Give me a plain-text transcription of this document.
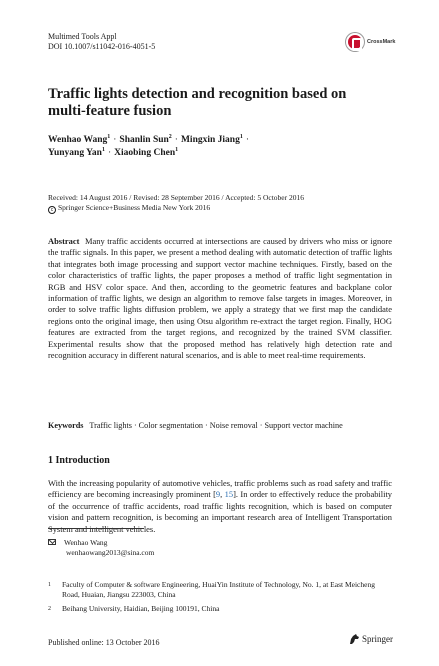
Multimed Tools Appl
DOI 10.1007/s11042-016-4051-5	CrossMark
Traffic lights detection and recognition based on multi-feature fusion
Wenhao Wang$^1$ · Shanlin Sun$^2$ · Mingxin Jiang$^1$ ·
Yunyang Yan$^1$ · Xiaobing Chen$^1$
Received: 14 August 2016 / Revised: 28 September 2016 / Accepted: 5 October 2016
c Springer Science+Business Media New York 2016
Abstract Many traffic accidents occurred at intersections are caused by drivers who miss or ignore the traffic signals. In this paper, we present a method dealing with automatic detection of traffic lights that integrates both image processing and support vector machine techniques. Firstly, based on the color characteristics of traffic lights, the paper proposes a method of traffic light segmentation in RGB and HSV color space. And then, according to the geometric features and backplane color information of traffic lights, we design an algorithm to remove false targets in images. Moreover, in order to solve traffic lights diffusion problem, we apply a strategy that we first map the candidate regions onto the original image, then using Otsu algorithm re-extract the target region. Finally, HOG features are extracted from the target regions, and recognized by the trained SVM classifier. Experimental results show that the proposed method has relatively high detection rate and recognition accuracy in different natural scenarios, and is able to meet real-time requirements.
Keywords Traffic lights · Color segmentation · Noise removal · Support vector machine
1 Introduction

With the increasing popularity of automotive vehicles, traffic problems such as road safety and traffic efficiency are becoming increasingly prominent [9, 15]. In order to effectively reduce the probability of the occurrence of traffic accidents, road traffic lights recognition, which is based on computer vision and pattern recognition, is becoming an important research area of Intelligent Transportation System and intelligent vehicles.

Wenhao Wang
wenhaowang2013@sina.com
1 Faculty of Computer & software Engineering, HuaiYin Institute of Technology, No. 1, at East Meicheng Road, Huaian, Jiangsu 223003, China
2 Beihang University, Haidian, Beijing 100191, China
Published online: 13 October 2016	Springer
